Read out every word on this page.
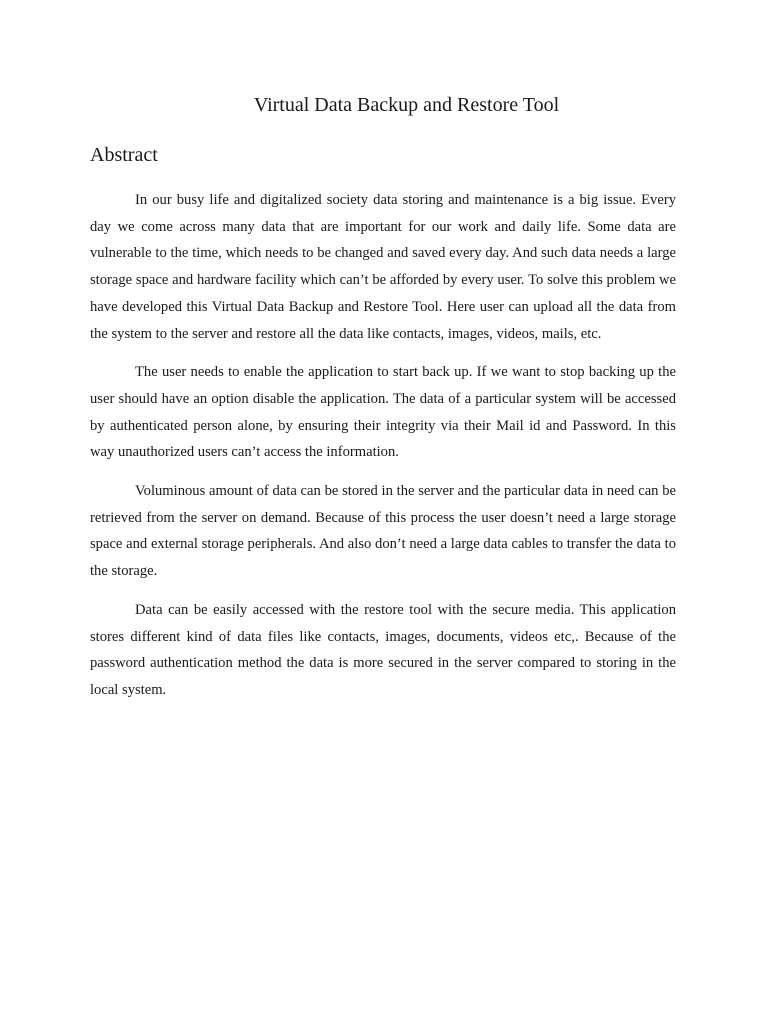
Virtual Data Backup and Restore Tool
Abstract

In our busy life and digitalized society data storing and maintenance is a big issue. Every day we come across many data that are important for our work and daily life. Some data are vulnerable to the time, which needs to be changed and saved every day. And such data needs a large storage space and hardware facility which can’t be afforded by every user. To solve this problem we have developed this Virtual Data Backup and Restore Tool. Here user can upload all the data from the system to the server and restore all the data like contacts, images, videos, mails, etc.

The user needs to enable the application to start back up. If we want to stop backing up the user should have an option disable the application. The data of a particular system will be accessed by authenticated person alone, by ensuring their integrity via their Mail id and Password. In this way unauthorized users can’t access the information.

Voluminous amount of data can be stored in the server and the particular data in need can be retrieved from the server on demand. Because of this process the user doesn’t need a large storage space and external storage peripherals. And also don’t need a large data cables to transfer the data to the storage.

Data can be easily accessed with the restore tool with the secure media. This application stores different kind of data files like contacts, images, documents, videos etc,. Because of the password authentication method the data is more secured in the server compared to storing in the local system.
